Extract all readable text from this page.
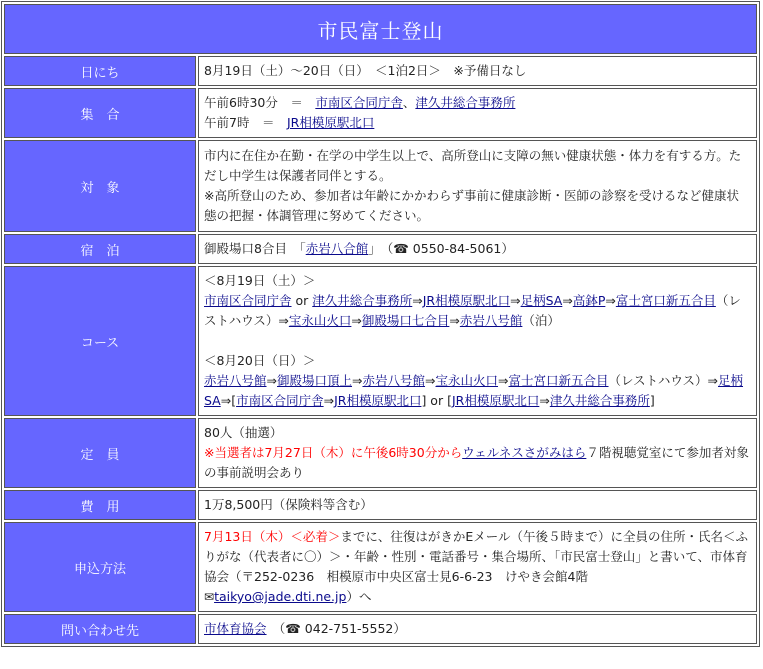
市民富士登山	
日にち	8月19日（土）～20日（日）　＜1泊2日＞　※予備日なし
集　合	午前6時30分　＝　市南区合同庁舎、津久井総合事務所
午前7時　＝　JR相模原駅北口
対　象	市内に在住か在勤・在学の中学生以上で、高所登山に支障の無い健康状態・体力を有する方。ただし中学生は保護者同伴とする。
※高所登山のため、参加者は年齢にかかわらず事前に健康診断・医師の診察を受けるなど健康状態の把握・体調管理に努めてください。

宿　泊	御殿場口8合目　「赤岩八合館」　（☎ 0550-84-5061）
コース	＜8月19日（土）＞
市南区合同庁舎 or 津久井総合事務所⇒JR相模原駅北口⇒足柄SA⇒高鉢P⇒富士宮口新五合目（レストハウス）⇒宝永山火口⇒御殿場口七合目⇒赤岩八号館（泊）
＜8月20日（日）＞
赤岩八号館⇒御殿場口頂上⇒赤岩八号館⇒宝永山火口⇒富士宮口新五合目（レストハウス）⇒足柄SA⇒[市南区合同庁舎⇒JR相模原駅北口] or [JR相模原駅北口⇒津久井総合事務所]

定　員	80人（抽選）
※当選者は7月27日（木）に午後6時30分からウェルネスさがみはら７階視聴覚室にて参加者対象の事前説明会あり

費　用	1万8,500円（保険料等含む）
申込方法	7月13日（木）＜必着＞までに、往復はがきかEメール（午後５時まで）に全員の住所・氏名＜ふりがな（代表者に〇）＞・年齢・性別・電話番号・集合場所、「市民富士登山」と書いて、市体育協会（〒252-0236　相模原市中央区富士見6-6-23　けやき会館4階
✉taikyo@jade.dti.ne.jp）へ
問い合わせ先	市体育協会　（☎ 042-751-5552）
